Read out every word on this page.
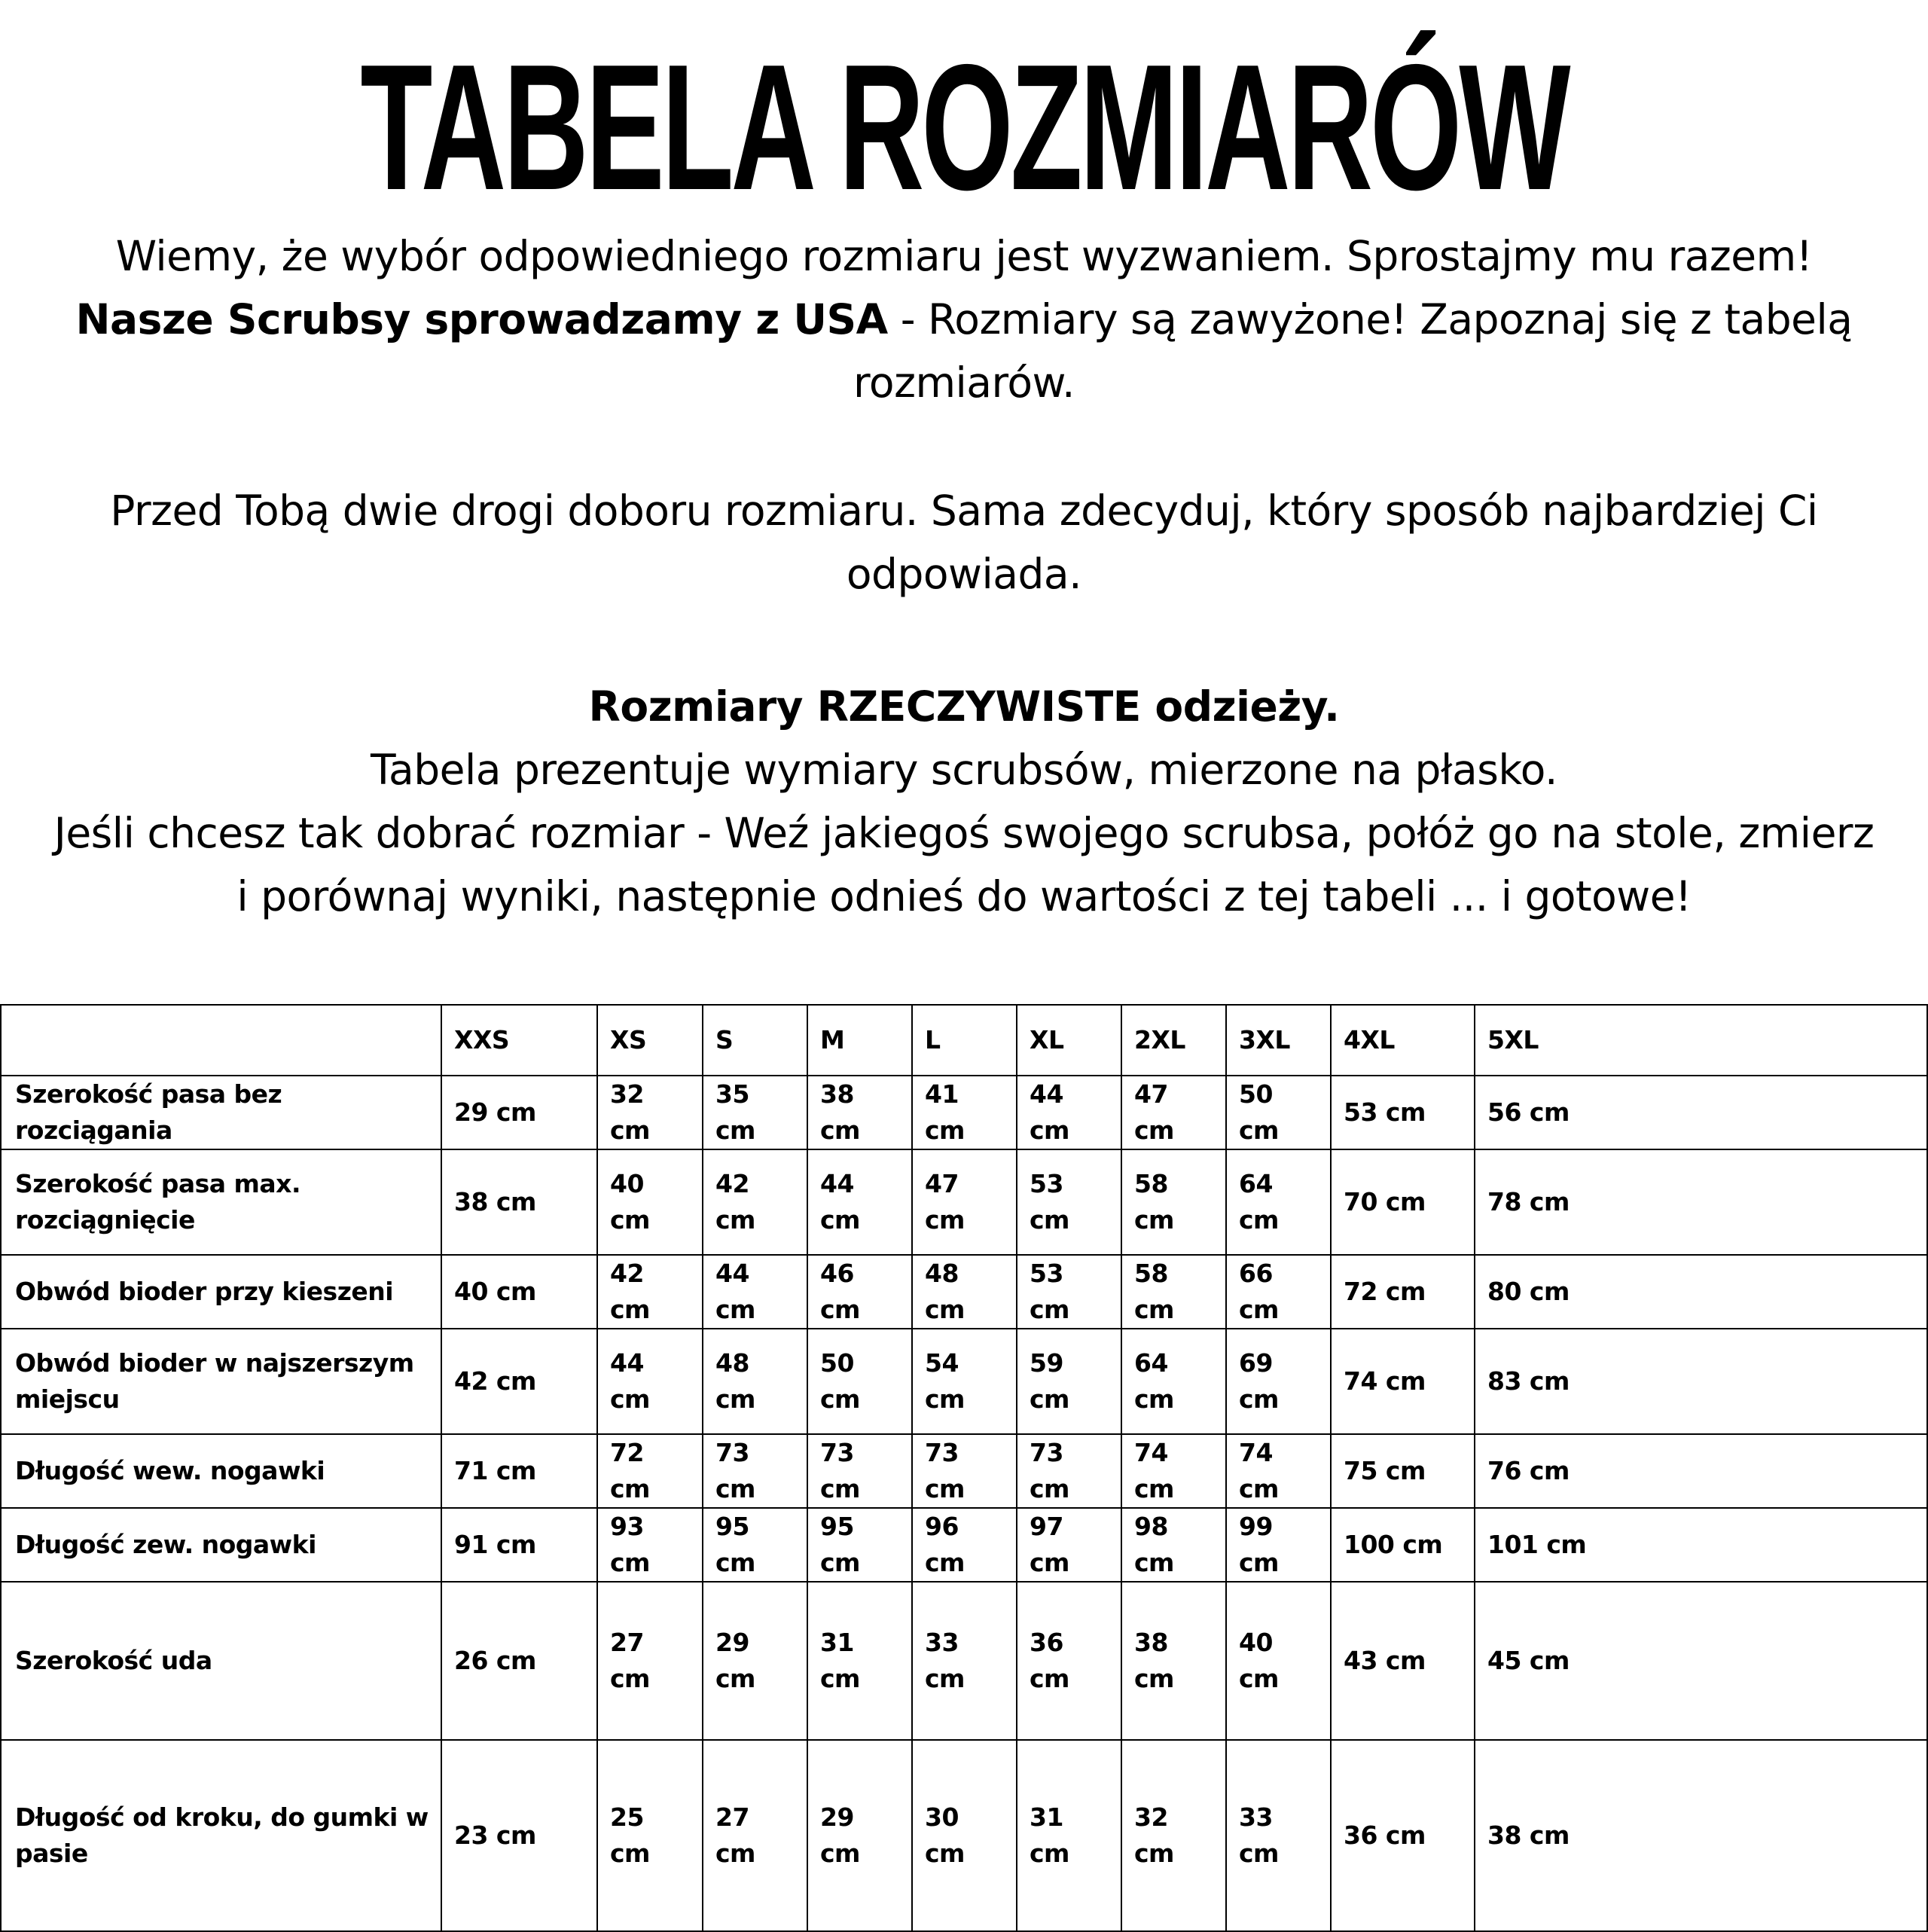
TABELA ROZMIARÓW

Wiemy, że wybór odpowiedniego rozmiaru jest wyzwaniem. Sprostajmy mu razem!
Nasze Scrubsy sprowadzamy z USA - Rozmiary są zawyżone! Zapoznaj się z tabelą rozmiarów.

Przed Tobą dwie drogi doboru rozmiaru. Sama zdecyduj, który sposób najbardziej Ci odpowiada.

Rozmiary RZECZYWISTE odzieży.
Tabela prezentuje wymiary scrubsów, mierzone na płasko.
Jeśli chcesz tak dobrać rozmiar - Weź jakiegoś swojego scrubsa, połóż go na stole, zmierz i porównaj wyniki, następnie odnieś do wartości z tej tabeli ... i gotowe!

	XXS	XS	S	M	L	XL	2XL	3XL	4XL	5XL	
Szerokość pasa bez rozciągania	29 cm	32 cm	35 cm	38 cm	41 cm	44 cm	47 cm	50 cm	53 cm	56 cm	
Szerokość pasa max. rozciągnięcie	38 cm	40 cm	42 cm	44 cm	47 cm	53 cm	58 cm	64 cm	70 cm	78 cm	
Obwód bioder przy kieszeni	40 cm	42 cm	44 cm	46 cm	48 cm	53 cm	58 cm	66 cm	72 cm	80 cm	
Obwód bioder w najszerszym miejscu	42 cm	44 cm	48 cm	50 cm	54 cm	59 cm	64 cm	69 cm	74 cm	83 cm	
Długość wew. nogawki	71 cm	72 cm	73 cm	73 cm	73 cm	73 cm	74 cm	74 cm	75 cm	76 cm	
Długość zew. nogawki	91 cm	93 cm	95 cm	95 cm	96 cm	97 cm	98 cm	99 cm	100 cm	101 cm	
Szerokość uda	26 cm	27 cm	29 cm	31 cm	33 cm	36 cm	38 cm	40 cm	43 cm	45 cm	
Długość od kroku, do gumki w pasie	23 cm	25 cm	27 cm	29 cm	30 cm	31 cm	32 cm	33 cm	36 cm	38 cm	
